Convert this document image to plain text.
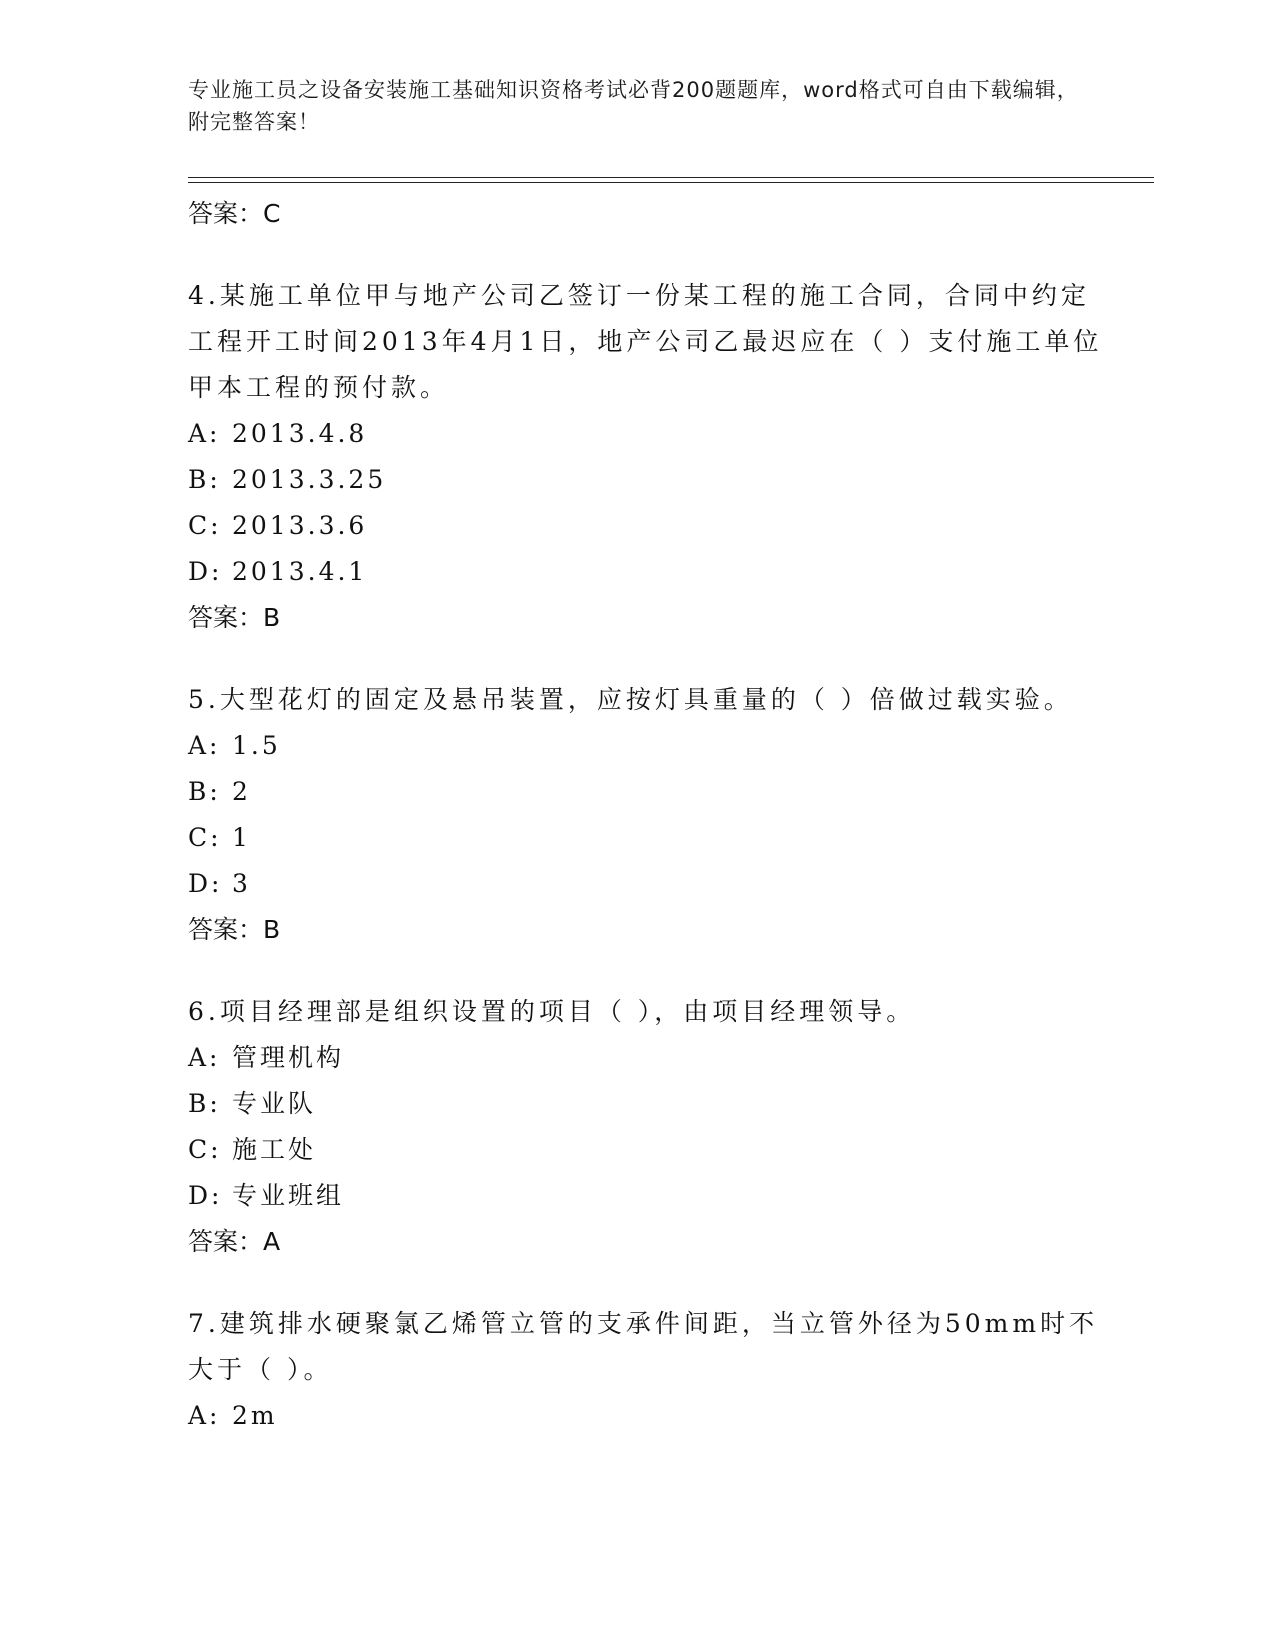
专业施工员之设备安装施工基础知识资格考试必背200题题库，word格式可自由下载编辑，附完整答案！
答案：C
4.某施工单位甲与地产公司乙签订一份某工程的施工合同，合同中约定工程开工时间2013年4月1日，地产公司乙最迟应在（ ）支付施工单位甲本工程的预付款。
A: 2013.4.8
B: 2013.3.25
C: 2013.3.6
D: 2013.4.1
答案：B
5.大型花灯的固定及悬吊装置，应按灯具重量的（ ）倍做过载实验。
A: 1.5
B: 2
C: 1
D: 3
答案：B
6.项目经理部是组织设置的项目（ ），由项目经理领导。
A: 管理机构
B: 专业队
C: 施工处
D: 专业班组
答案：A
7.建筑排水硬聚氯乙烯管立管的支承件间距，当立管外径为50mm时不大于（ ）。
A: 2m
